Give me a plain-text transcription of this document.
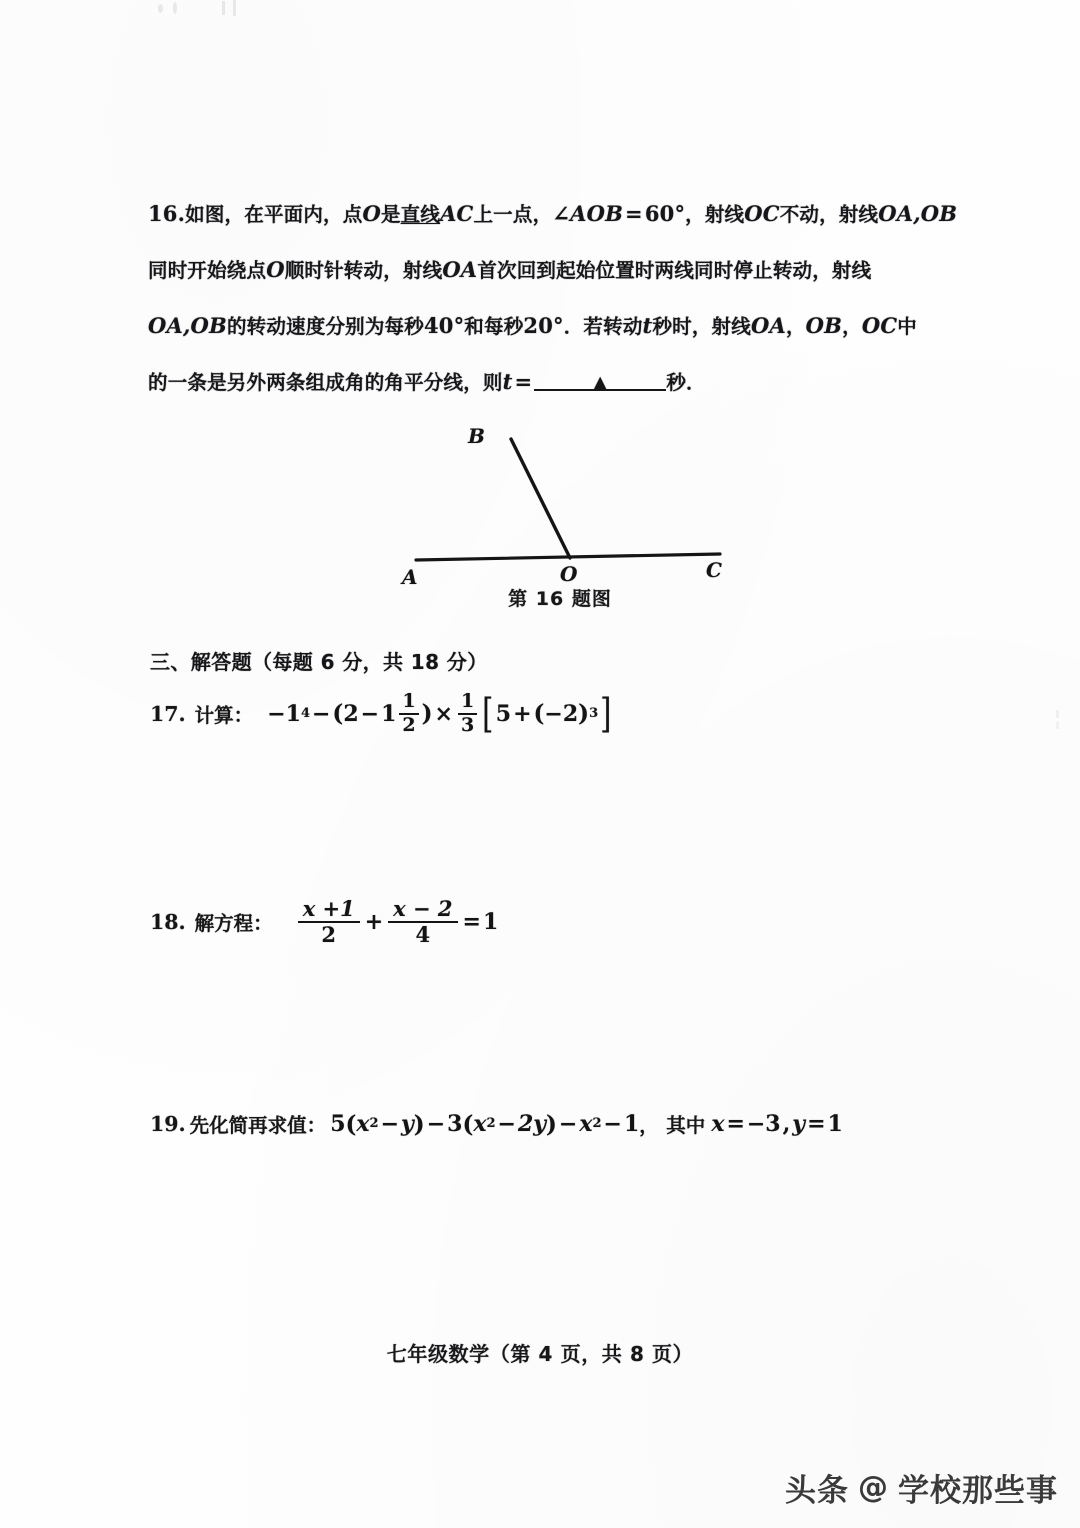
16.如图，在平面内，点O是直线AC上一点，∠AOB=60°，射线OC不动，射线OA,OB
同时开始绕点O顺时针转动，射线OA首次回到起始位置时两线同时停止转动，射线
OA,OB的转动速度分别为每秒40°和每秒20°．若转动t秒时，射线OA，OB，OC中
的一条是另外两条组成角的角平分线，则t=	▲	秒．
B
A	O	C
第 16 题图
三、解答题（每题 6 分，共 18 分）
17. 计算： −1 4 − ( $2 - 1 \frac{1}{2}$ ) × $\frac{1}{3}$ [ 5 + ( −2 ) 3 ]
18. 解方程： $\frac{x +1}{2} + \frac{x - 2}{4} = 1$
19. 先化简再求值： 5 ( x 2 − y ) − 3 ( x 2 − 2y ) − x 2 − 1 ， 其中 x = −3 , y = 1
七年级数学（第 4 页，共 8 页）
头条 @ 学校那些事
